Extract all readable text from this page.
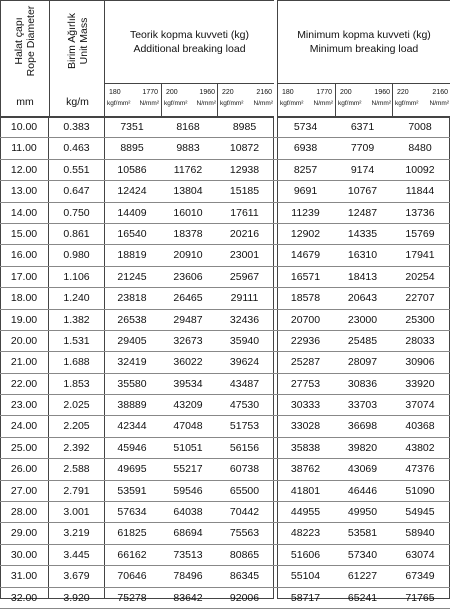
Halat çapı
Rope Diameter
mm
Birim Ağırlık
Unit Mass
kg/m
Teorik kopma kuvveti (kg)
Additional breaking load
180	1770
kgf/mm² N/mm²
200	1960
kgf/mm² N/mm²
220	2160
kgf/mm² N/mm²
Minimum kopma kuvveti (kg)
Minimum breaking load
180	1770
kgf/mm² N/mm²
200	1960
kgf/mm² N/mm²
220	2160
kgf/mm² N/mm²
10.00	0.383	7351	8168	8985	5734	6371	7008
11.00	0.463	8895	9883	10872	6938	7709	8480
12.00	0.551	10586	11762	12938	8257	9174	10092
13.00	0.647	12424	13804	15185	9691	10767	11844
14.00	0.750	14409	16010	17611	11239	12487	13736
15.00	0.861	16540	18378	20216	12902	14335	15769
16.00	0.980	18819	20910	23001	14679	16310	17941
17.00	1.106	21245	23606	25967	16571	18413	20254
18.00	1.240	23818	26465	29111	18578	20643	22707
19.00	1.382	26538	29487	32436	20700	23000	25300
20.00	1.531	29405	32673	35940	22936	25485	28033
21.00	1.688	32419	36022	39624	25287	28097	30906
22.00	1.853	35580	39534	43487	27753	30836	33920
23.00	2.025	38889	43209	47530	30333	33703	37074
24.00	2.205	42344	47048	51753	33028	36698	40368
25.00	2.392	45946	51051	56156	35838	39820	43802
26.00	2.588	49695	55217	60738	38762	43069	47376
27.00	2.791	53591	59546	65500	41801	46446	51090
28.00	3.001	57634	64038	70442	44955	49950	54945
29.00	3.219	61825	68694	75563	48223	53581	58940
30.00	3.445	66162	73513	80865	51606	57340	63074
31.00	3.679	70646	78496	86345	55104	61227	67349
32.00	3.920	75278	83642	92006	58717	65241	71765
